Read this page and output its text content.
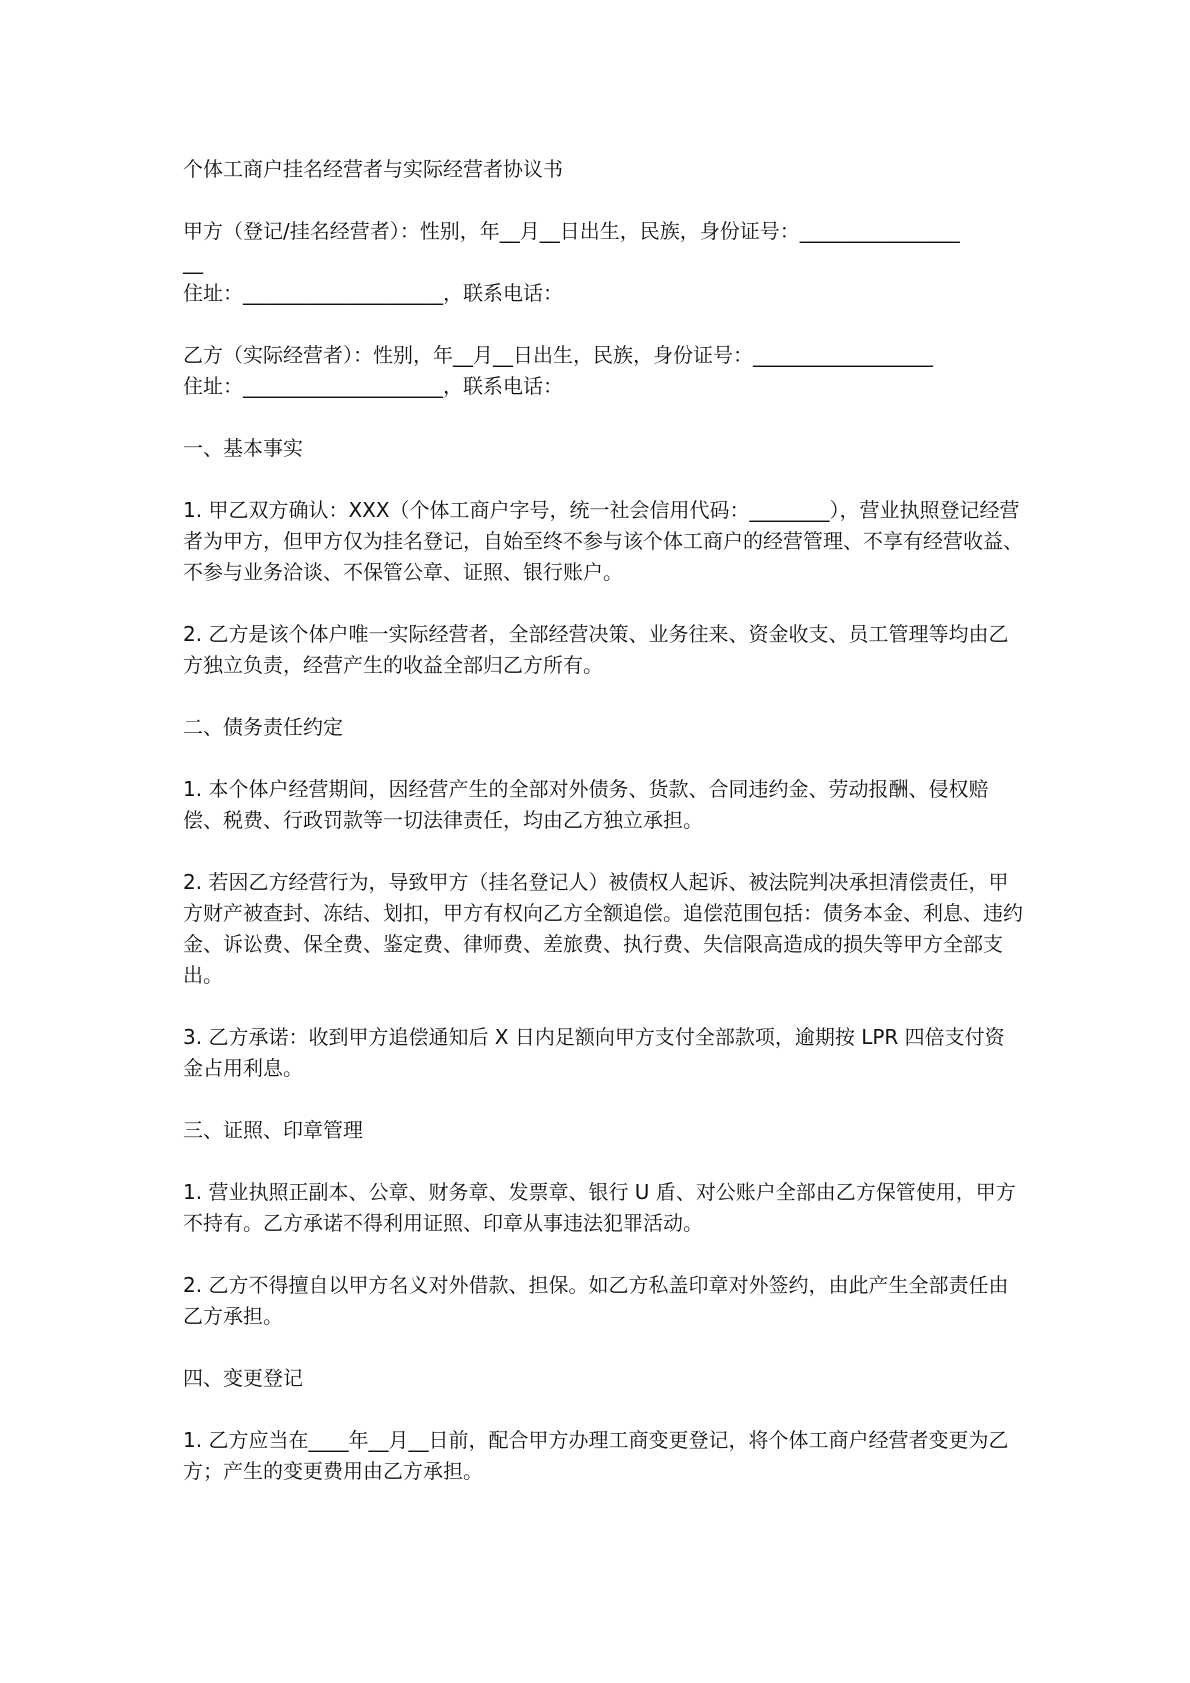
个体工商户挂名经营者与实际经营者协议书
甲方（登记/挂名经营者）：性别，年__月__日出生，民族，身份证号：________________
__
住址：____________________，联系电话：
乙方（实际经营者）：性别，年__月__日出生，民族，身份证号：__________________
住址：____________________，联系电话：
一、基本事实
1. 甲乙双方确认：XXX（个体工商户字号，统一社会信用代码：________），营业执照登记经营者为甲方，但甲方仅为挂名登记，自始至终不参与该个体工商户的经营管理、不享有经营收益、不参与业务洽谈、不保管公章、证照、银行账户。
2. 乙方是该个体户唯一实际经营者，全部经营决策、业务往来、资金收支、员工管理等均由乙方独立负责，经营产生的收益全部归乙方所有。
二、债务责任约定
1. 本个体户经营期间，因经营产生的全部对外债务、货款、合同违约金、劳动报酬、侵权赔偿、税费、行政罚款等一切法律责任，均由乙方独立承担。
2. 若因乙方经营行为，导致甲方（挂名登记人）被债权人起诉、被法院判决承担清偿责任，甲方财产被查封、冻结、划扣，甲方有权向乙方全额追偿。追偿范围包括：债务本金、利息、违约金、诉讼费、保全费、鉴定费、律师费、差旅费、执行费、失信限高造成的损失等甲方全部支出。
3. 乙方承诺：收到甲方追偿通知后 X 日内足额向甲方支付全部款项，逾期按 LPR 四倍支付资金占用利息。
三、证照、印章管理
1. 营业执照正副本、公章、财务章、发票章、银行 U 盾、对公账户全部由乙方保管使用，甲方不持有。乙方承诺不得利用证照、印章从事违法犯罪活动。
2. 乙方不得擅自以甲方名义对外借款、担保。如乙方私盖印章对外签约，由此产生全部责任由乙方承担。
四、变更登记
1. 乙方应当在____年__月__日前，配合甲方办理工商变更登记，将个体工商户经营者变更为乙方；产生的变更费用由乙方承担。
